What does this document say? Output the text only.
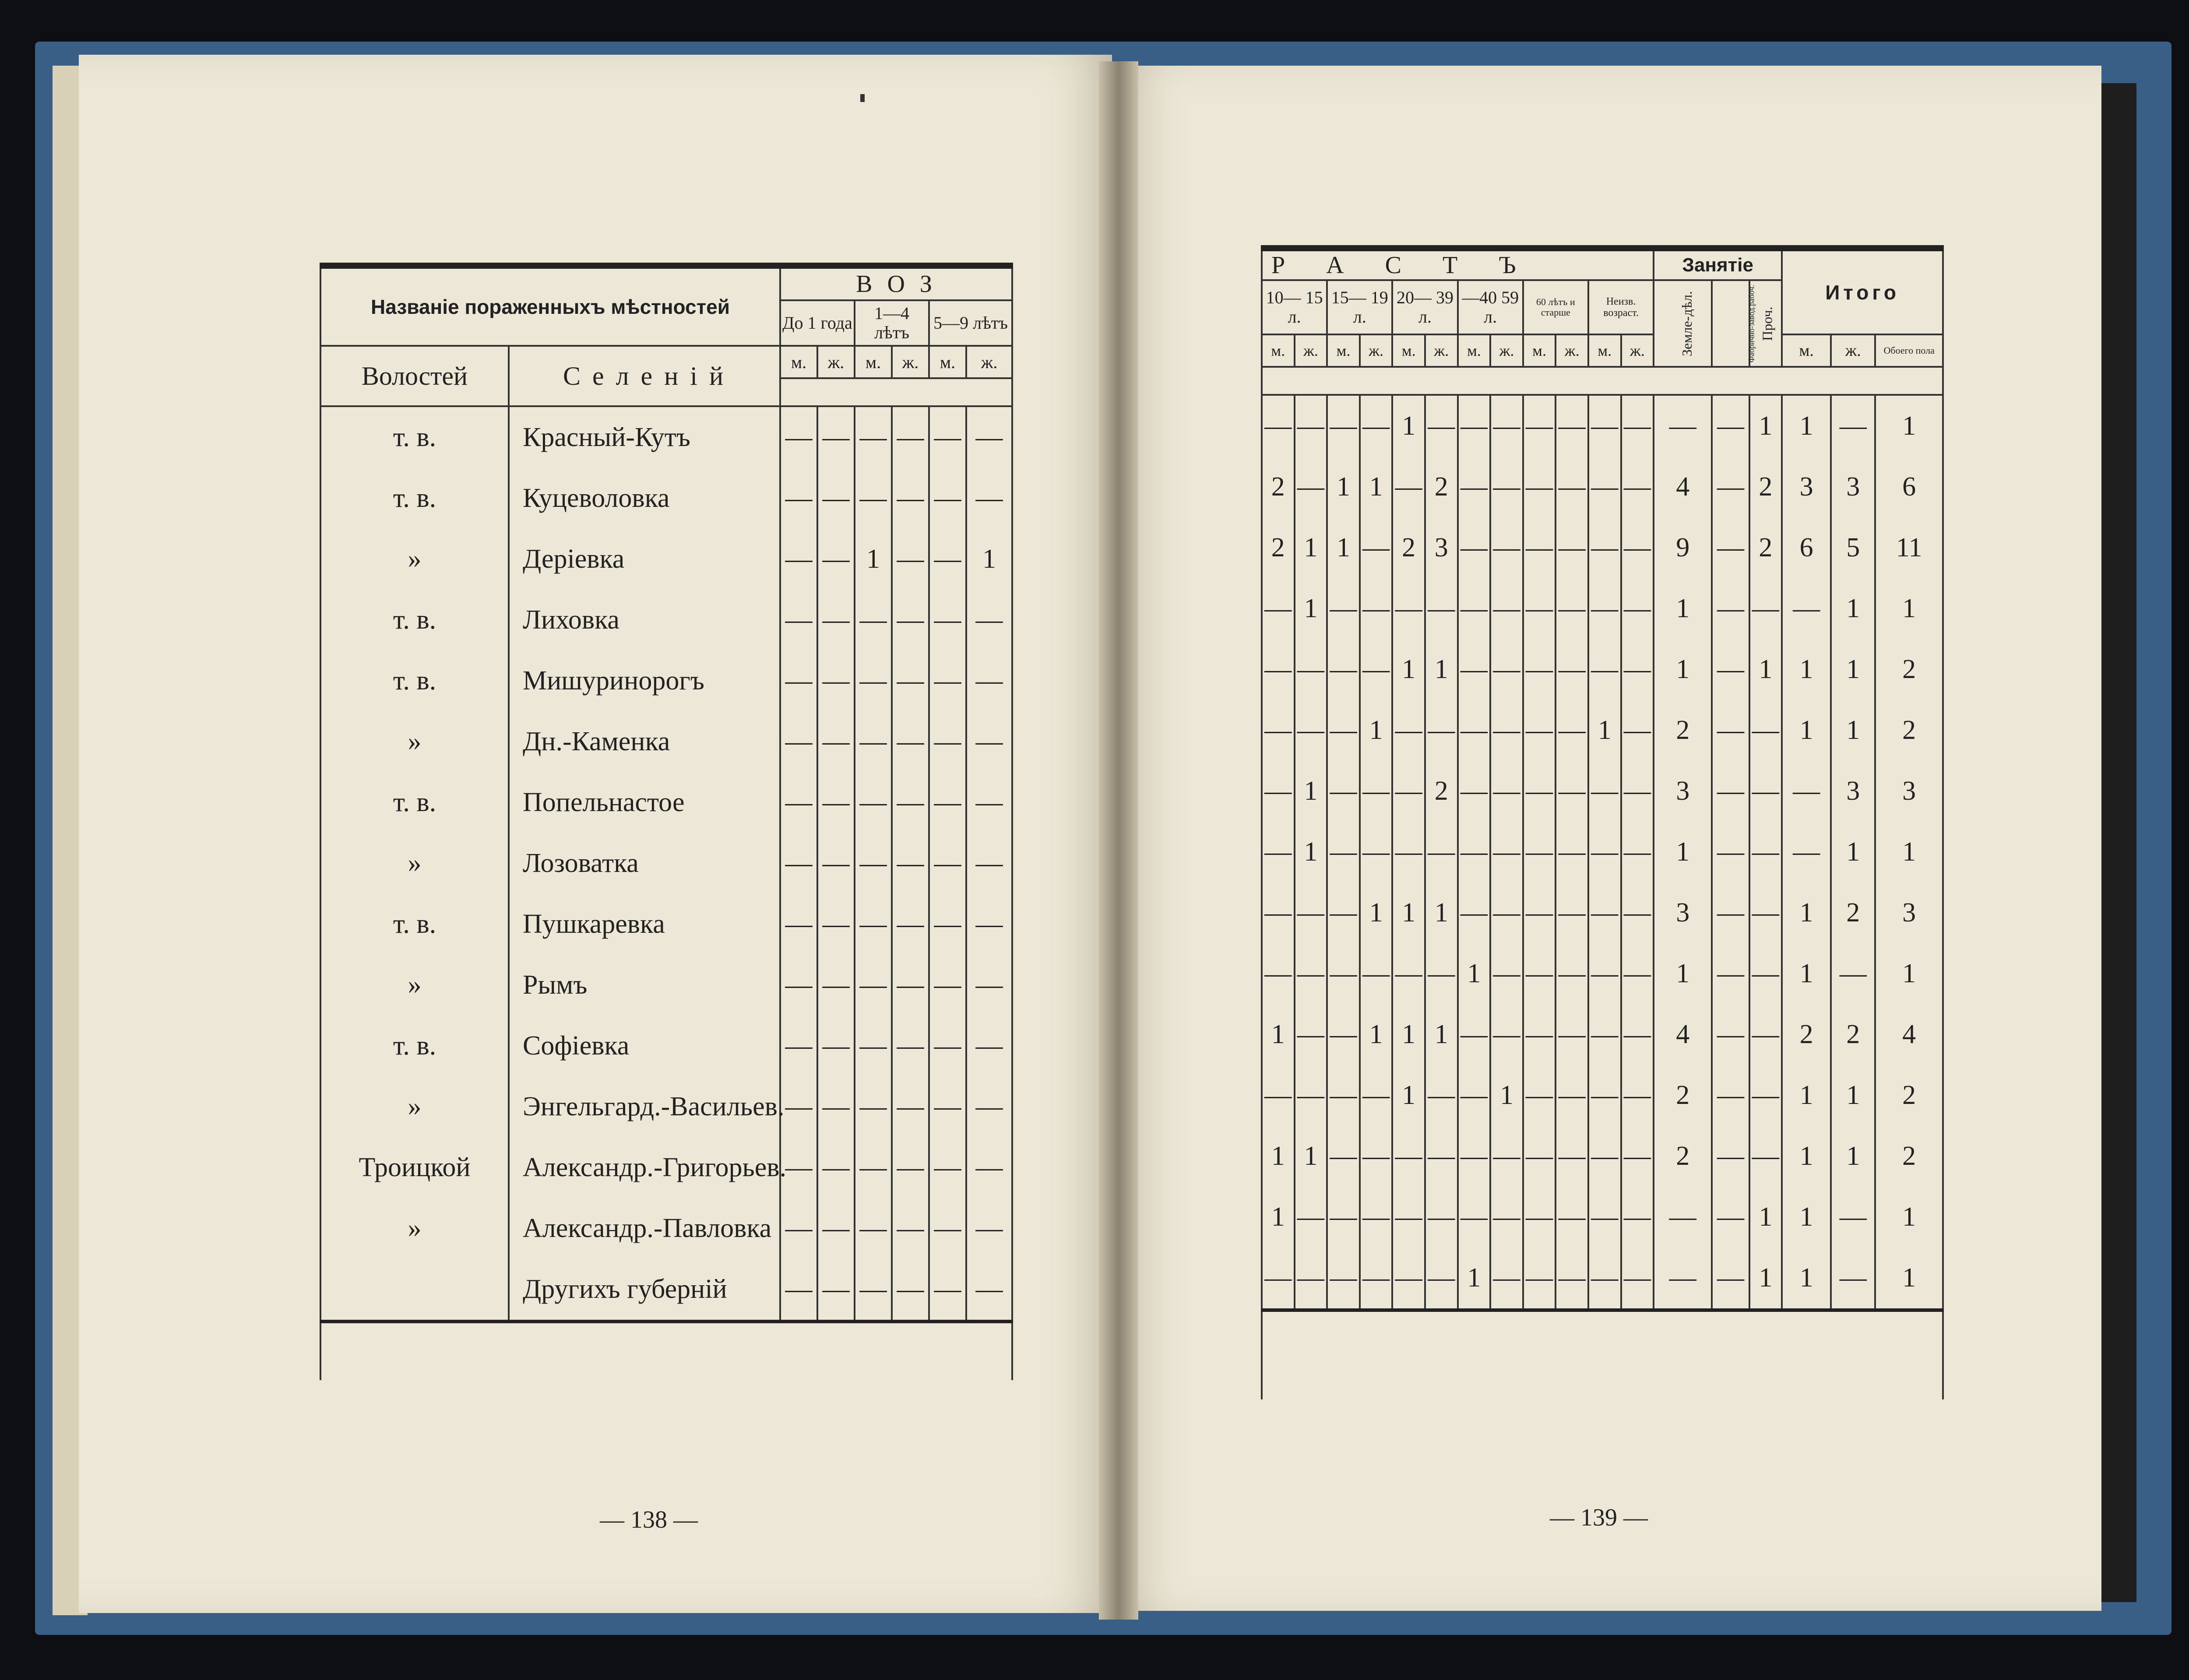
Названіе пораженныхъ мѣстностей		В О З					
		До 1 года		1—4 лѣтъ		5—9 лѣтъ	
Волостей	С е л е н і й	м.	ж.	м.	ж.	м.	ж.

т. в.	Красный-Кутъ	—	—	—	—	—	—
т. в.	Куцеволовка	—	—	—	—	—	—
»	Деріевка	—	—	1	—	—	1
т. в.	Лиховка	—	—	—	—	—	—
т. в.	Мишуринорогъ	—	—	—	—	—	—
»	Дн.-Каменка	—	—	—	—	—	—
т. в.	Попельнастое	—	—	—	—	—	—
»	Лозоватка	—	—	—	—	—	—
т. в.	Пушкаревка	—	—	—	—	—	—
»	Рымъ	—	—	—	—	—	—
т. в.	Софіевка	—	—	—	—	—	—
»	Энгельгард.-Васильев.	—	—	—	—	—	—
Троицкой	Александр.-Григорьев.	—	—	—	—	—	—
»	Александр.-Павловка	—	—	—	—	—	—
	Другихъ губерній	—	—	—	—	—	—

Р А С Т Ъ												Занятіе			Итого		
10— 15 л.		15— 19 л.		20— 39 л.		—40 59 л.		60 лѣтъ и старше		Неизв. возраст.		Земле-дѣл.	Фабрично-завод.рабоч.	Проч.			
м.	ж.	м.	ж.	м.	ж.	м.	ж.	м.	ж.	м.	ж.				м.	ж.	Обоего пола

—	—	—	—	1	—	—	—	—	—	—	—	—	—	1	1	—	1
2	—	1	1	—	2	—	—	—	—	—	—	4	—	2	3	3	6
2	1	1	—	2	3	—	—	—	—	—	—	9	—	2	6	5	11
—	1	—	—	—	—	—	—	—	—	—	—	1	—	—	—	1	1
—	—	—	—	1	1	—	—	—	—	—	—	1	—	1	1	1	2
—	—	—	1	—	—	—	—	—	—	1	—	2	—	—	1	1	2
—	1	—	—	—	2	—	—	—	—	—	—	3	—	—	—	3	3
—	1	—	—	—	—	—	—	—	—	—	—	1	—	—	—	1	1
—	—	—	1	1	1	—	—	—	—	—	—	3	—	—	1	2	3
—	—	—	—	—	—	1	—	—	—	—	—	1	—	—	1	—	1
1	—	—	1	1	1	—	—	—	—	—	—	4	—	—	2	2	4
—	—	—	—	1	—	—	1	—	—	—	—	2	—	—	1	1	2
1	1	—	—	—	—	—	—	—	—	—	—	2	—	—	1	1	2
1	—	—	—	—	—	—	—	—	—	—	—	—	—	1	1	—	1
—	—	—	—	—	—	1	—	—	—	—	—	—	—	1	1	—	1

— 138 —	— 139 —
